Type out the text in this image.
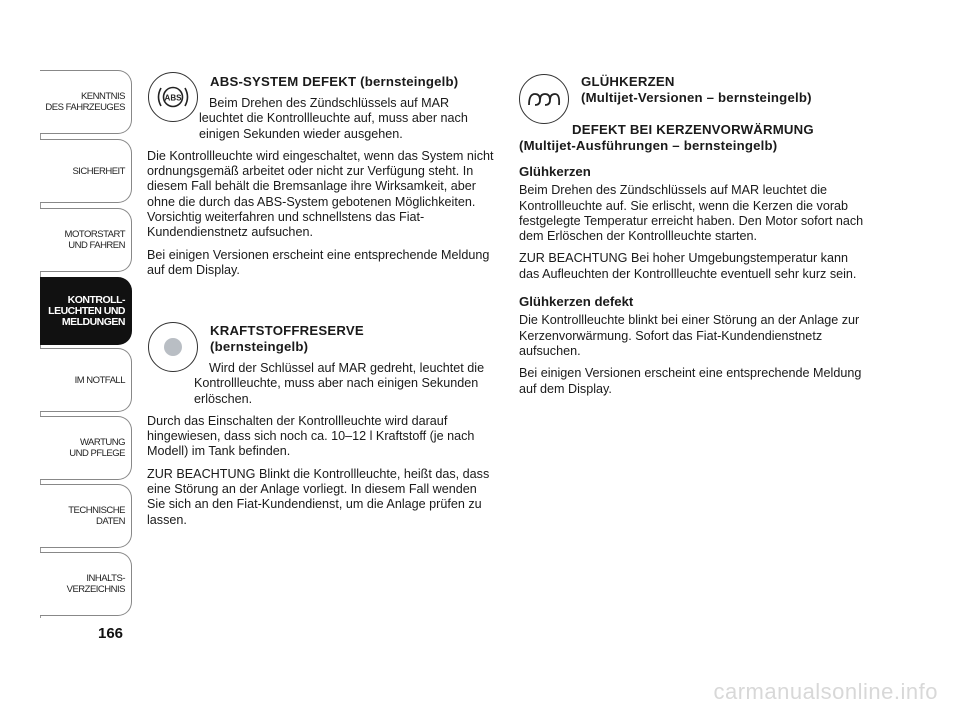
KENNTNIS
DES FAHRZEUGES
SICHERHEIT
MOTORSTART
UND FAHREN
KONTROLL-
LEUCHTEN UND
MELDUNGEN
IM NOTFALL
WARTUNG
UND PFLEGE
TECHNISCHE
DATEN
INHALTS-
VERZEICHNIS
166
ABS
ABS-SYSTEM DEFEKT (bernsteingelb)

Beim Drehen des Zündschlüssels auf MAR leuchtet die Kontrollleuchte auf, muss aber nach einigen Sekunden wieder ausgehen.

Die Kontrollleuchte wird eingeschaltet, wenn das System nicht ordnungsgemäß arbeitet oder nicht zur Verfügung steht. In diesem Fall behält die Bremsanlage ihre Wirksamkeit, aber ohne die durch das ABS-System gebotenen Möglichkeiten. Vorsichtig weiterfahren und schnellstens das Fiat-Kundendienstnetz aufsuchen.

Bei einigen Versionen erscheint eine entsprechende Meldung auf dem Display.

KRAFTSTOFFRESERVE
(bernsteingelb)

Wird der Schlüssel auf MAR gedreht, leuchtet die Kontrollleuchte, muss aber nach einigen Sekunden erlöschen.

Durch das Einschalten der Kontrollleuchte wird darauf hingewiesen, dass sich noch ca. 10–12 l Kraftstoff (je nach Modell) im Tank befinden.

ZUR BEACHTUNG Blinkt die Kontrollleuchte, heißt das, dass eine Störung an der Anlage vorliegt. In diesem Fall wenden Sie sich an den Fiat-Kundendienst, um die Anlage prüfen zu lassen.

GLÜHKERZEN
(Multijet-Versionen – bernsteingelb)
DEFEKT BEI KERZENVORWÄRMUNG
(Multijet-Ausführungen – bernsteingelb)
Glühkerzen

Beim Drehen des Zündschlüssels auf MAR leuchtet die Kontrollleuchte auf. Sie erlischt, wenn die Kerzen die vorab festgelegte Temperatur erreicht haben. Den Motor sofort nach dem Erlöschen der Kontrollleuchte starten.

ZUR BEACHTUNG Bei hoher Umgebungstemperatur kann das Aufleuchten der Kontrollleuchte eventuell sehr kurz sein.

Glühkerzen defekt

Die Kontrollleuchte blinkt bei einer Störung an der Anlage zur Kerzenvorwärmung. Sofort das Fiat-Kundendienstnetz aufsuchen.

Bei einigen Versionen erscheint eine entsprechende Meldung auf dem Display.

carmanualsonline.info
